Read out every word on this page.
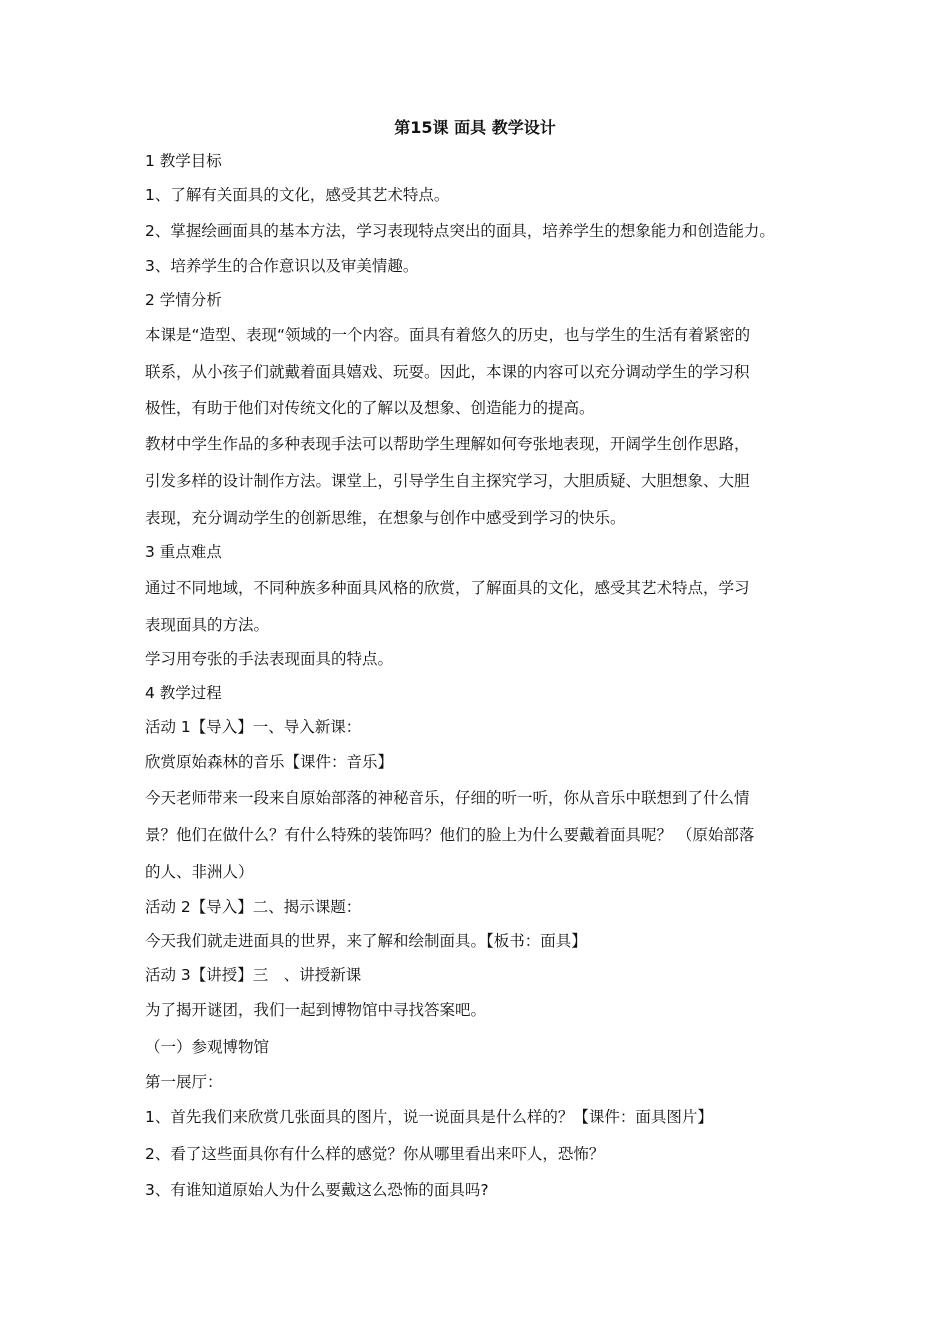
第15课 面具 教学设计
1 教学目标
1、了解有关面具的文化，感受其艺术特点。
2、掌握绘画面具的基本方法，学习表现特点突出的面具，培养学生的想象能力和创造能力。
3、培养学生的合作意识以及审美情趣。
2 学情分析
本课是“造型、表现“领域的一个内容。面具有着悠久的历史，也与学生的生活有着紧密的
联系，从小孩子们就戴着面具嬉戏、玩耍。因此，本课的内容可以充分调动学生的学习积
极性，有助于他们对传统文化的了解以及想象、创造能力的提高。
教材中学生作品的多种表现手法可以帮助学生理解如何夸张地表现，开阔学生创作思路，
引发多样的设计制作方法。课堂上，引导学生自主探究学习，大胆质疑、大胆想象、大胆
表现，充分调动学生的创新思维，在想象与创作中感受到学习的快乐。
3 重点难点
通过不同地域，不同种族多种面具风格的欣赏，了解面具的文化，感受其艺术特点，学习
表现面具的方法。
学习用夸张的手法表现面具的特点。
4 教学过程
活动 1【导入】一、导入新课：
欣赏原始森林的音乐【课件：音乐】
今天老师带来一段来自原始部落的神秘音乐，仔细的听一听，你从音乐中联想到了什么情
景？他们在做什么？有什么特殊的装饰吗？他们的脸上为什么要戴着面具呢？ （原始部落
的人、非洲人）
活动 2【导入】二、揭示课题：
今天我们就走进面具的世界，来了解和绘制面具。【板书：面具】
活动 3【讲授】三　、讲授新课
为了揭开谜团，我们一起到博物馆中寻找答案吧。
（一）参观博物馆
第一展厅：
1、首先我们来欣赏几张面具的图片，说一说面具是什么样的？【课件：面具图片】
2、看了这些面具你有什么样的感觉？你从哪里看出来吓人，恐怖？
3、有谁知道原始人为什么要戴这么恐怖的面具吗?
